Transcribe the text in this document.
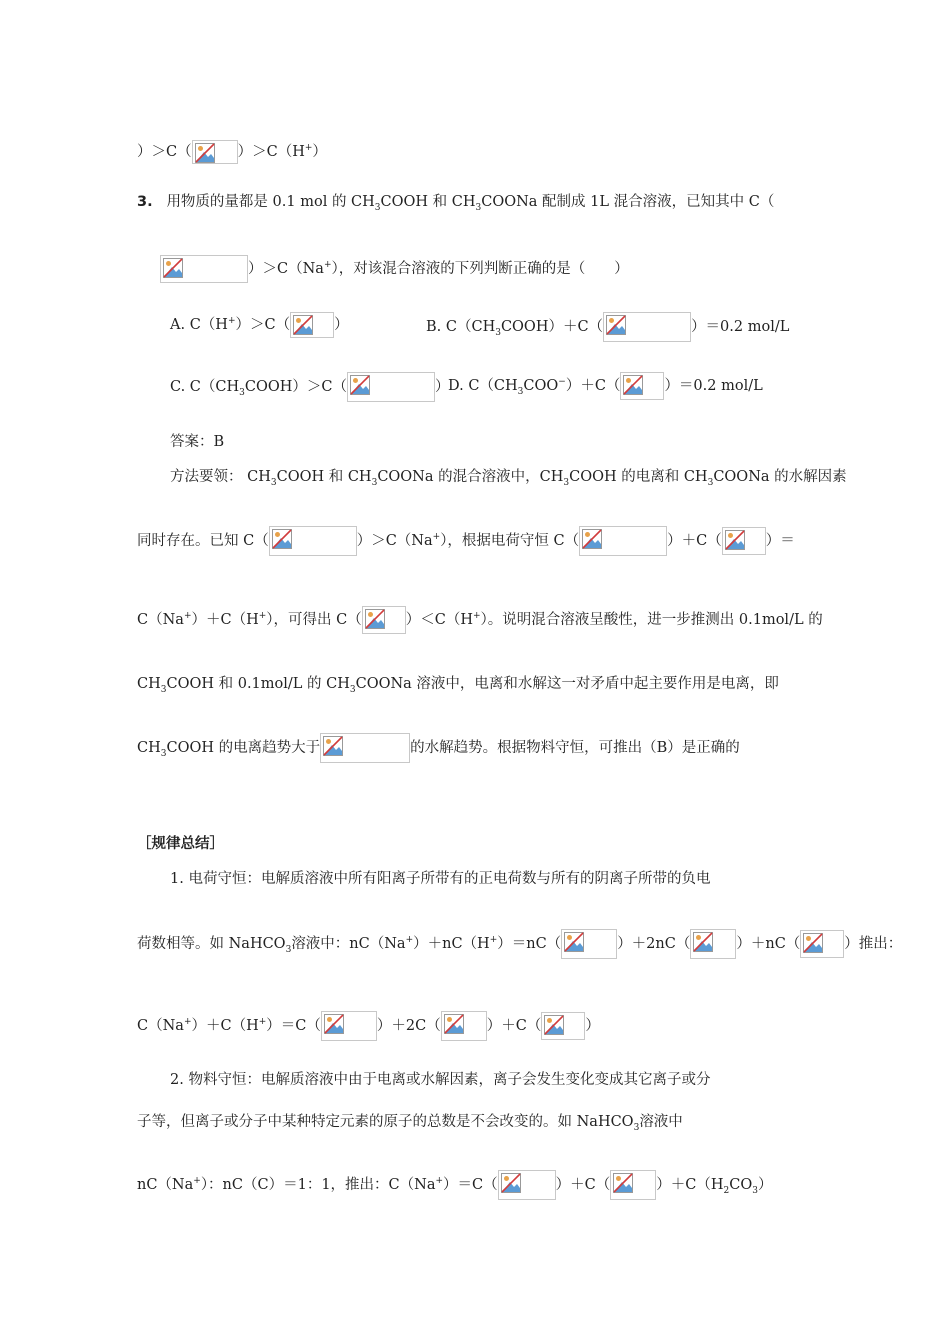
）＞C（	）＞C（H+）
3. 用物质的量都是 0.1 mol 的 $CH_3COOH$ 和 $CH_3COONa$ 配制成 1L 混合溶液，已知其中 C（
）＞C（Na+），对该混合溶液的下列判断正确的是（　　）
A. C（H+）＞C（	）	B. $C(CH_3COOH)+C$（	）＝0.2 mol/L
C. $C(CH_3COOH)>C$（	）
D. $C(CH_3COO^-)+C$（	）＝0.2 mol/L
答案：B
方法要领： $CH_3COOH$ 和 $CH_3COONa$ 的混合溶液中，$CH_3COOH$ 的电离和 $CH_3COONa$ 的水解因素
同时存在。已知 C（	）＞C（Na+），根据电荷守恒 C（	）＋C（	）＝
C（Na+）＋C（H+），可得出 C（	）＜C（H+）。说明混合溶液呈酸性，进一步推测出 0.1mol/L 的
$CH_3COOH$ 和 0.1mol/L 的 $CH_3COONa$ 溶液中，电离和水解这一对矛盾中起主要作用是电离，即
$CH_3COOH$ 的电离趋势大于	的水解趋势。根据物料守恒，可推出（B）是正确的
［规律总结］
1. 电荷守恒：电解质溶液中所有阳离子所带有的正电荷数与所有的阴离子所带的负电
荷数相等。如 NaHCO$_3$溶液中：nC（Na+）＋nC（H+）＝nC（	）＋2nC（	）＋nC（	）推出：
C（Na+）＋C（H+）＝C（	）＋2C（	）＋C（	）
2. 物料守恒：电解质溶液中由于电离或水解因素，离子会发生变化变成其它离子或分
子等，但离子或分子中某种特定元素的原子的总数是不会改变的。如 NaHCO$_3$溶液中
nC（Na+）：nC（C）＝1：1，推出：C（Na+）＝C（	）＋C（	）$+C(H_2CO_3)$
